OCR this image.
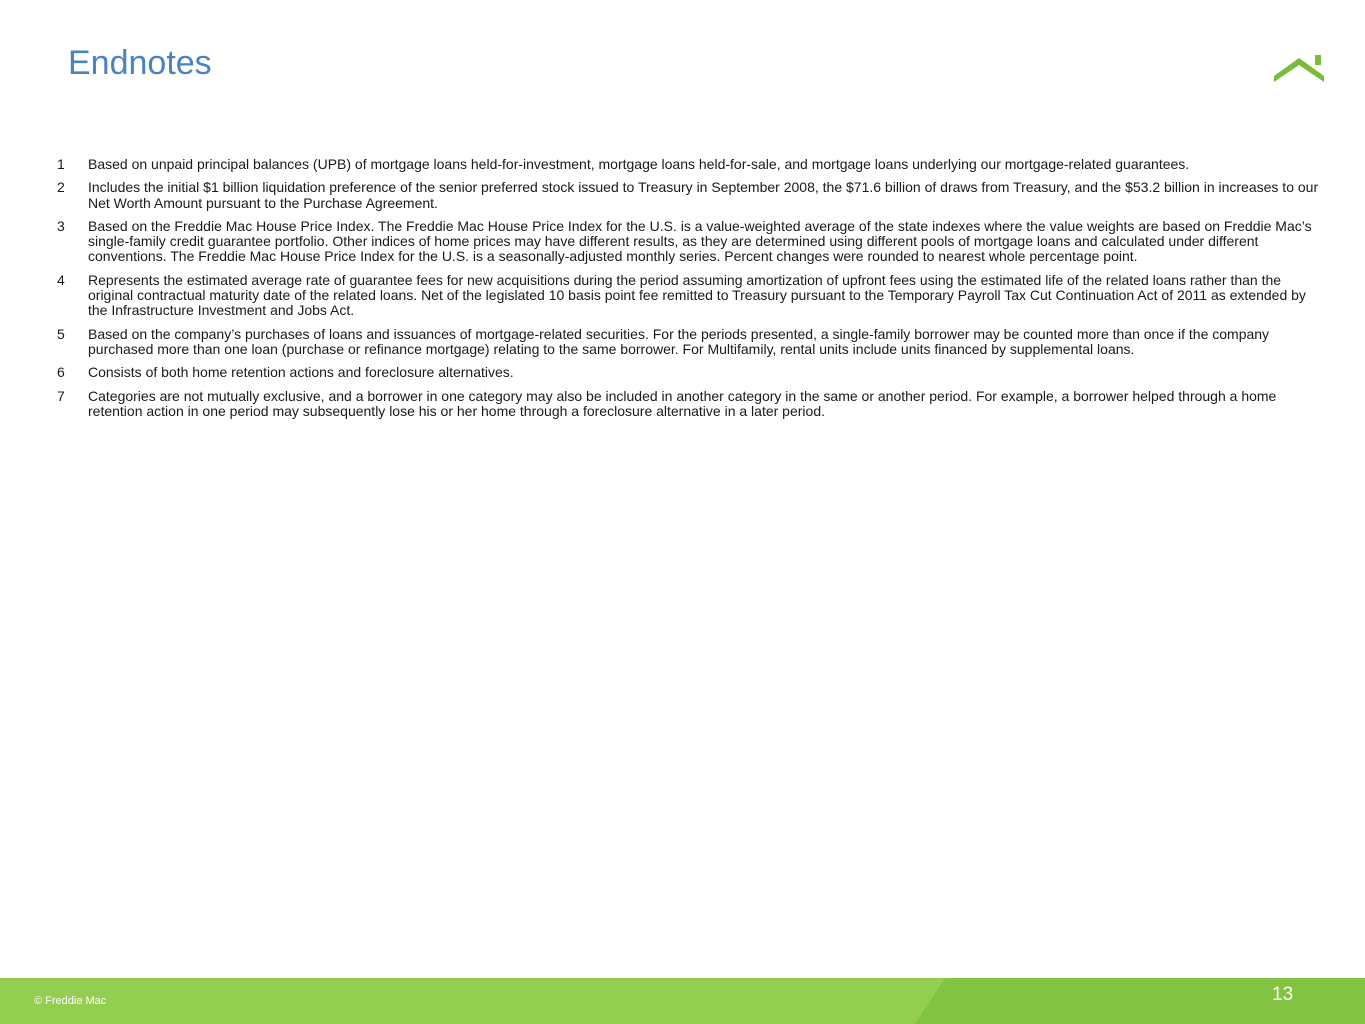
Endnotes
1	Based on unpaid principal balances (UPB) of mortgage loans held-for-investment, mortgage loans held-for-sale, and mortgage loans underlying our mortgage-related guarantees.
2	Includes the initial $1 billion liquidation preference of the senior preferred stock issued to Treasury in September 2008, the $71.6 billion of draws from Treasury, and the $53.2 billion in increases to our Net Worth Amount pursuant to the Purchase Agreement.
3	Based on the Freddie Mac House Price Index. The Freddie Mac House Price Index for the U.S. is a value-weighted average of the state indexes where the value weights are based on Freddie Mac’s single-family credit guarantee portfolio. Other indices of home prices may have different results, as they are determined using different pools of mortgage loans and calculated under different conventions. The Freddie Mac House Price Index for the U.S. is a seasonally-adjusted monthly series. Percent changes were rounded to nearest whole percentage point.
4	Represents the estimated average rate of guarantee fees for new acquisitions during the period assuming amortization of upfront fees using the estimated life of the related loans rather than the original contractual maturity date of the related loans. Net of the legislated 10 basis point fee remitted to Treasury pursuant to the Temporary Payroll Tax Cut Continuation Act of 2011 as extended by the Infrastructure Investment and Jobs Act.
5	Based on the company’s purchases of loans and issuances of mortgage-related securities. For the periods presented, a single-family borrower may be counted more than once if the company purchased more than one loan (purchase or refinance mortgage) relating to the same borrower. For Multifamily, rental units include units financed by supplemental loans.
6	Consists of both home retention actions and foreclosure alternatives.
7	Categories are not mutually exclusive, and a borrower in one category may also be included in another category in the same or another period. For example, a borrower helped through a home retention action in one period may subsequently lose his or her home through a foreclosure alternative in a later period.
© Freddie Mac	13
